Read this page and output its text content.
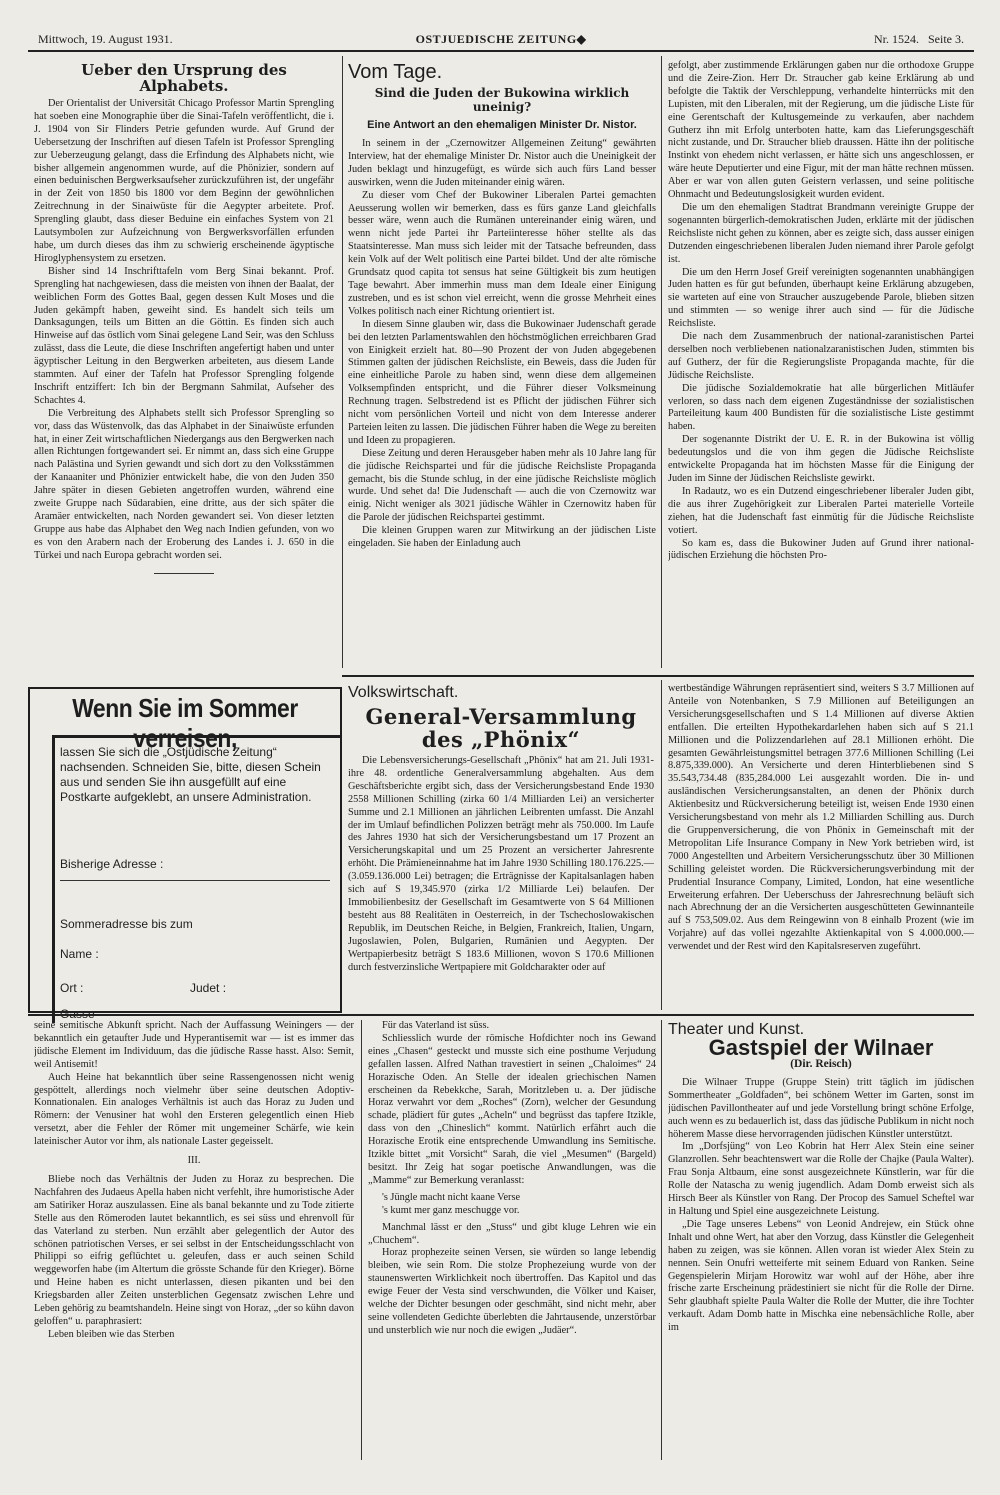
Mittwoch, 19. August 1931.	OSTJUEDISCHE ZEITUNG◆	Nr. 1524. Seite 3.
Ueber den Ursprung des Alphabets.

Der Orientalist der Universität Chicago Professor Martin Sprengling hat soeben eine Monographie über die Sinai-Tafeln veröffentlicht, die i. J. 1904 von Sir Flinders Petrie gefunden wurde. Auf Grund der Uebersetzung der Inschriften auf diesen Tafeln ist Professor Sprengling zur Ueberzeugung gelangt, dass die Erfindung des Alphabets nicht, wie bisher allgemein angenommen wurde, auf die Phönizier, sondern auf einen beduinischen Bergwerksaufseher zurückzuführen ist, der ungefähr in der Zeit von 1850 bis 1800 vor dem Beginn der gewöhnlichen Zeitrechnung in der Sinaiwüste für die Aegypter arbeitete. Prof. Sprengling glaubt, dass dieser Beduine ein einfaches System von 21 Lautsymbolen zur Aufzeichnung von Bergwerksvorfällen erfunden habe, um durch dieses das ihm zu schwierig erscheinende ägyptische Hiroglyphensystem zu ersetzen.

Bisher sind 14 Inschrifttafeln vom Berg Sinai bekannt. Prof. Sprengling hat nachgewiesen, dass die meisten von ihnen der Baalat, der weiblichen Form des Gottes Baal, gegen dessen Kult Moses und die Juden gekämpft haben, geweiht sind. Es handelt sich teils um Danksagungen, teils um Bitten an die Göttin. Es finden sich auch Hinweise auf das östlich vom Sinai gelegene Land Seir, was den Schluss zulässt, dass die Leute, die diese Inschriften angefertigt haben und unter ägyptischer Leitung in den Bergwerken arbeiteten, aus diesem Lande stammten. Auf einer der Tafeln hat Professor Sprengling folgende Inschrift entziffert: Ich bin der Bergmann Sahmilat, Aufseher des Schachtes 4.

Die Verbreitung des Alphabets stellt sich Professor Sprengling so vor, dass das Wüstenvolk, das das Alphabet in der Sinaiwüste erfunden hat, in einer Zeit wirtschaftlichen Niedergangs aus den Bergwerken nach allen Richtungen fortgewandert sei. Er nimmt an, dass sich eine Gruppe nach Palästina und Syrien gewandt und sich dort zu den Volksstämmen der Kanaaniter und Phönizier entwickelt habe, die von den Juden 350 Jahre später in diesen Gebieten angetroffen wurden, während eine zweite Gruppe nach Südarabien, eine dritte, aus der sich später die Aramäer entwickelten, nach Norden gewandert sei. Von dieser letzten Gruppe aus habe das Alphabet den Weg nach Indien gefunden, von wo es von den Arabern nach der Eroberung des Landes i. J. 650 in die Türkei und nach Europa gebracht worden sei.

Vom Tage.
Sind die Juden der Bukowina wirklich uneinig?
Eine Antwort an den ehemaligen Minister Dr. Nistor.

In seinem in der „Czernowitzer Allgemeinen Zeitung“ gewährten Interview, hat der ehemalige Minister Dr. Nistor auch die Uneinigkeit der Juden beklagt und hinzugefügt, es würde sich auch fürs Land besser auswirken, wenn die Juden miteinander einig wären.

Zu dieser vom Chef der Bukowiner Liberalen Partei gemachten Aeusserung wollen wir bemerken, dass es fürs ganze Land gleichfalls besser wäre, wenn auch die Rumänen untereinander einig wären, und wenn nicht jede Partei ihr Parteiinteresse höher stellte als das Staatsinteresse. Man muss sich leider mit der Tatsache befreunden, dass kein Volk auf der Welt politisch eine Partei bildet. Und der alte römische Grundsatz quod capita tot sensus hat seine Gültigkeit bis zum heutigen Tage bewahrt. Aber immerhin muss man dem Ideale einer Einigung zustreben, und es ist schon viel erreicht, wenn die grosse Mehrheit eines Volkes politisch nach einer Richtung orientiert ist.

In diesem Sinne glauben wir, dass die Bukowinaer Judenschaft gerade bei den letzten Parlamentswahlen den höchstmöglichen erreichbaren Grad von Einigkeit erzielt hat. 80—90 Prozent der von Juden abgegebenen Stimmen galten der jüdischen Reichsliste, ein Beweis, dass die Juden für eine einheitliche Parole zu haben sind, wenn diese dem allgemeinen Volksempfinden entspricht, und die Führer dieser Volksmeinung Rechnung tragen. Selbstredend ist es Pflicht der jüdischen Führer sich nicht vom persönlichen Vorteil und nicht von dem Interesse anderer Parteien leiten zu lassen. Die jüdischen Führer haben die Wege zu bereiten und Ideen zu propagieren.

Diese Zeitung und deren Herausgeber haben mehr als 10 Jahre lang für die jüdische Reichspartei und für die jüdische Reichsliste Propaganda gemacht, bis die Stunde schlug, in der eine jüdische Reichsliste möglich wurde. Und sehet da! Die Judenschaft — auch die von Czernowitz war einig. Nicht weniger als 3021 jüdische Wähler in Czernowitz haben für die Parole der jüdischen Reichspartei gestimmt.

Die kleinen Gruppen waren zur Mitwirkung an der jüdischen Liste eingeladen. Sie haben der Einladung auch

gefolgt, aber zustimmende Erklärungen gaben nur die orthodoxe Gruppe und die Zeire-Zion. Herr Dr. Straucher gab keine Erklärung ab und befolgte die Taktik der Verschleppung, verhandelte hinterrücks mit den Lupisten, mit den Liberalen, mit der Regierung, um die jüdische Liste für eine Gerentschaft der Kultusgemeinde zu verkaufen, aber nachdem Gutherz ihn mit Erfolg unterboten hatte, kam das Lieferungsgeschäft nicht zustande, und Dr. Straucher blieb draussen. Hätte ihn der politische Instinkt von ehedem nicht verlassen, er hätte sich uns angeschlossen, er wäre heute Deputierter und eine Figur, mit der man hätte rechnen müssen. Aber er war von allen guten Geistern verlassen, und seine politische Ohnmacht und Bedeutungslosigkeit wurden evident.

Die um den ehemaligen Stadtrat Brandmann vereinigte Gruppe der sogenannten bürgerlich-demokratischen Juden, erklärte mit der jüdischen Reichsliste nicht gehen zu können, aber es zeigte sich, dass ausser einigen Dutzenden eingeschriebenen liberalen Juden niemand ihrer Parole gefolgt ist.

Die um den Herrn Josef Greif vereinigten sogenannten unabhängigen Juden hatten es für gut befunden, überhaupt keine Erklärung abzugeben, sie warteten auf eine von Straucher auszugebende Parole, blieben sitzen und stimmten — so wenige ihrer auch sind — für die Jüdische Reichsliste.

Die nach dem Zusammenbruch der national-zaranistischen Partei derselben noch verbliebenen nationalzaranistischen Juden, stimmten bis auf Gutherz, der für die Regierungsliste Propaganda machte, für die Jüdische Reichsliste.

Die jüdische Sozialdemokratie hat alle bürgerlichen Mitläufer verloren, so dass nach dem eigenen Zugeständnisse der sozialistischen Parteileitung kaum 400 Bundisten für die sozialistische Liste gestimmt haben.

Der sogenannte Distrikt der U. E. R. in der Bukowina ist völlig bedeutungslos und die von ihm gegen die Jüdische Reichsliste entwickelte Propaganda hat im höchsten Masse für die Einigung der Juden im Sinne der Jüdischen Reichsliste gewirkt.

In Radautz, wo es ein Dutzend eingeschriebener liberaler Juden gibt, die aus ihrer Zugehörigkeit zur Liberalen Partei materielle Vorteile ziehen, hat die Judenschaft fast einmütig für die Jüdische Reichsliste votiert.

So kam es, dass die Bukowiner Juden auf Grund ihrer national-jüdischen Erziehung die höchsten Pro-

Wenn Sie im Sommer verreisen,
lassen Sie sich die „Ostjüdische Zeitung“ nachsenden. Schneiden Sie, bitte, diesen Schein aus und senden Sie ihn ausgefüllt auf eine Postkarte aufgeklebt, an unsere Administration.
Bisherige Adresse :
Sommeradresse bis zum
Name :
Ort :	Judet :
Gasse
Volkswirtschaft.
General-Versammlung des „Phönix“

Die Lebensversicherungs-Gesellschaft „Phönix“ hat am 21. Juli 1931-ihre 48. ordentliche Generalversammlung abgehalten. Aus dem Geschäftsberichte ergibt sich, dass der Versicherungsbestand Ende 1930 2558 Millionen Schilling (zirka 60 1/4 Milliarden Lei) an versicherter Summe und 2.1 Millionen an jährlichen Leibrenten umfasst. Die Anzahl der im Umlauf befindlichen Polizzen beträgt mehr als 750.000. Im Laufe des Jahres 1930 hat sich der Versicherungsbestand um 17 Prozent an Versicherungskapital und um 25 Prozent an versicherter Jahresrente erhöht. Die Prämieneinnahme hat im Jahre 1930 Schilling 180.176.225.— (3.059.136.000 Lei) betragen; die Erträgnisse der Kapitalsanlagen haben sich auf S 19,345.970 (zirka 1/2 Milliarde Lei) belaufen. Der Immobilienbesitz der Gesellschaft im Gesamtwerte von S 64 Millionen besteht aus 88 Realitäten in Oesterreich, in der Tschechoslowakischen Republik, im Deutschen Reiche, in Belgien, Frankreich, Italien, Ungarn, Jugoslawien, Polen, Bulgarien, Rumänien und Aegypten. Der Wertpapierbesitz beträgt S 183.6 Millionen, wovon S 170.6 Millionen durch festverzinsliche Wertpapiere mit Goldcharakter oder auf

wertbeständige Währungen repräsentiert sind, weiters S 3.7 Millionen auf Anteile von Notenbanken, S 7.9 Millionen auf Beteiligungen an Versicherungsgesellschaften und S 1.4 Millionen auf diverse Aktien entfallen. Die erteilten Hypothekardarlehen haben sich auf S 21.1 Millionen und die Polizzendarlehen auf 28.1 Millionen erhöht. Die gesamten Gewährleistungsmittel betragen 377.6 Millionen Schilling (Lei 8.875,339.000). An Versicherte und deren Hinterbliebenen sind S 35.543,734.48 (835,284.000 Lei ausgezahlt worden. Die in- und ausländischen Versicherungsanstalten, an denen der Phönix durch Aktienbesitz und Rückversicherung beteiligt ist, weisen Ende 1930 einen Versicherungsbestand von mehr als 1.2 Milliarden Schilling aus. Durch die Gruppenversicherung, die von Phönix in Gemeinschaft mit der Metropolitan Life Insurance Company in New York betrieben wird, ist 7000 Angestellten und Arbeitern Versicherungsschutz über 30 Millionen Schilling geleistet worden. Die Rückversicherungsverbindung mit der Prudential Insurance Company, Limited, London, hat eine wesentliche Erweiterung erfahren. Der Ueberschuss der Jahresrechnung beläuft sich nach Abrechnung der an die Versicherten ausgeschütteten Gewinnanteile auf S 753,509.02. Aus dem Reingewinn von 8 einhalb Prozent (wie im Vorjahre) auf das vollei ngezahlte Aktienkapital von S 4.000.000.— verwendet und der Rest wird den Kapitalsreserven zugeführt.

seine semitische Abkunft spricht. Nach der Auffassung Weiningers — der bekanntlich ein getaufter Jude und Hyperantisemit war — ist es immer das jüdische Element im Individuum, das die jüdische Rasse hasst. Also: Semit, weil Antisemit!

Auch Heine hat bekanntlich über seine Rassengenossen nicht wenig gespöttelt, allerdings noch vielmehr über seine deutschen Adoptiv-Konnationalen. Ein analoges Verhältnis ist auch das Horaz zu Juden und Römern: der Venusiner hat wohl den Ersteren gelegentlich einen Hieb versetzt, aber die Fehler der Römer mit ungemeiner Schärfe, wie kein lateinischer Autor vor ihm, als nationale Laster gegeisselt.

III.

Bliebe noch das Verhältnis der Juden zu Horaz zu besprechen. Die Nachfahren des Judaeus Apella haben nicht verfehlt, ihre humoristische Ader am Satiriker Horaz auszulassen. Eine als banal bekannte und zu Tode zitierte Stelle aus den Römeroden lautet bekanntlich, es sei süss und ehrenvoll für das Vaterland zu sterben. Nun erzählt aber gelegentlich der Autor des schönen patriotischen Verses, er sei selbst in der Entscheidungsschlacht von Philippi so eifrig geflüchtet u. geleufen, dass er auch seinen Schild weggeworfen habe (im Altertum die grösste Schande für den Krieger). Börne und Heine haben es nicht unterlassen, diesen pikanten und bei den Kriegsbarden aller Zeiten unsterblichen Gegensatz zwischen Lehre und Leben gehörig zu beamtshandeln. Heine singt von Horaz, „der so kühn davon geloffen“ u. paraphrasiert:

Leben bleiben wie das Sterben

Für das Vaterland ist süss.

Schliesslich wurde der römische Hofdichter noch ins Gewand eines „Chasen“ gesteckt und musste sich eine posthume Verjudung gefallen lassen. Alfred Nathan travestiert in seinen „Chaloimes“ 24 Horazische Oden. An Stelle der idealen griechischen Namen erscheinen da Rebekkche, Sarah, Moritzleben u. a. Der jüdische Horaz verwahrt vor dem „Roches“ (Zorn), welcher der Gesundung schade, plädiert für gutes „Acheln“ und begrüsst das tapfere Itzikle, dass von den „Chineslich“ kommt. Natürlich erfährt auch die Horazische Erotik eine entsprechende Umwandlung ins Semitische. Itzikle bittet „mit Vorsicht“ Sarah, die viel „Mesumen“ (Bargeld) besitzt. Ihr Zeig hat sogar poetische Anwandlungen, was die „Mamme“ zur Bemerkung veranlasst:

's Jüngle macht nicht kaane Verse

's kumt mer ganz meschugge vor.

Manchmal lässt er den „Stuss“ und gibt kluge Lehren wie ein „Chuchem“.

Horaz prophezeite seinen Versen, sie würden so lange lebendig bleiben, wie sein Rom. Die stolze Prophezeiung wurde von der staunenswerten Wirklichkeit noch übertroffen. Das Kapitol und das ewige Feuer der Vesta sind verschwunden, die Völker und Kaiser, welche der Dichter besungen oder geschmäht, sind nicht mehr, aber seine vollendeten Gedichte überlebten die Jahrtausende, unzerstörbar und unsterblich wie nur noch die ewigen „Judäer“.

Theater und Kunst.
Gastspiel der Wilnaer
(Dir. Reisch)

Die Wilnaer Truppe (Gruppe Stein) tritt täglich im jüdischen Sommertheater „Goldfaden“, bei schönem Wetter im Garten, sonst im jüdischen Pavillontheater auf und jede Vorstellung bringt schöne Erfolge, auch wenn es zu bedauerlich ist, dass das jüdische Publikum in nicht noch höherem Masse diese hervorragenden jüdischen Künstler unterstützt.

Im „Dorfsjüng“ von Leo Kobrin hat Herr Alex Stein eine seiner Glanzrollen. Sehr beachtenswert war die Rolle der Chajke (Paula Walter). Frau Sonja Altbaum, eine sonst ausgezeichnete Künstlerin, war für die Rolle der Natascha zu wenig jugendlich. Adam Domb erweist sich als Hirsch Beer als Künstler von Rang. Der Procop des Samuel Scheftel war in Haltung und Spiel eine ausgezeichnete Leistung.

„Die Tage unseres Lebens“ von Leonid Andrejew, ein Stück ohne Inhalt und ohne Wert, hat aber den Vorzug, dass Künstler die Gelegenheit haben zu zeigen, was sie können. Allen voran ist wieder Alex Stein zu nennen. Sein Onufri wetteiferte mit seinem Eduard von Ranken. Seine Gegenspielerin Mirjam Horowitz war wohl auf der Höhe, aber ihre frische zarte Erscheinung prädestiniert sie nicht für die Rolle der Dirne. Sehr glaubhaft spielte Paula Walter die Rolle der Mutter, die ihre Tochter verkauft. Adam Domb hatte in Mischka eine nebensächliche Rolle, aber im
